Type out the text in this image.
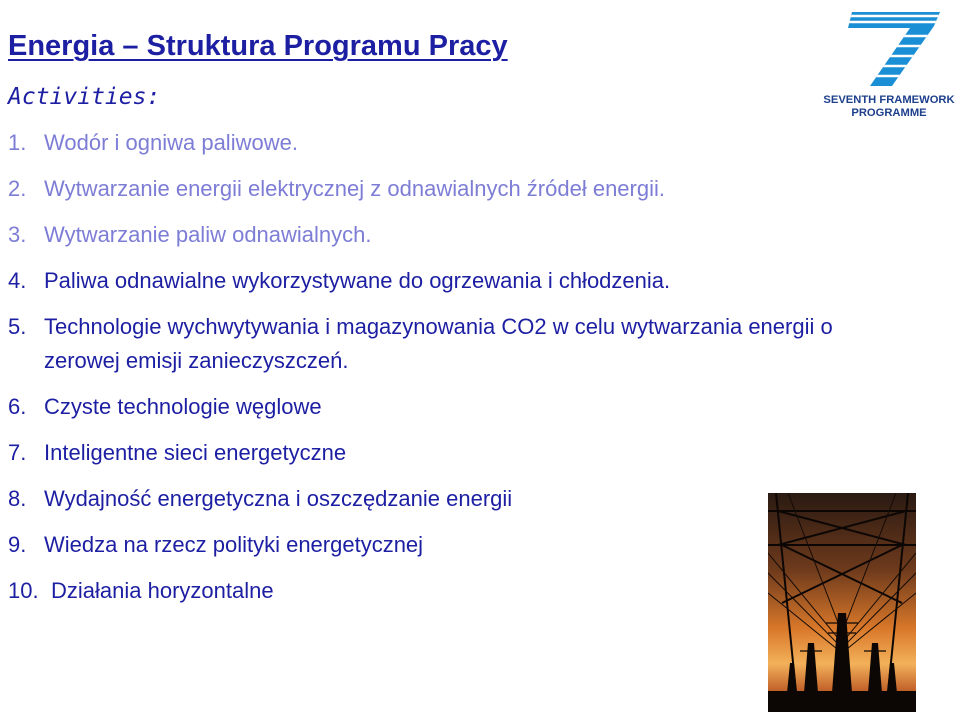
Energia – Struktura Programu Pracy
Activities:
1. Wodór i ogniwa paliwowe.
2. Wytwarzanie energii elektrycznej z odnawialnych źródeł energii.
3. Wytwarzanie paliw odnawialnych.
4. Paliwa odnawialne wykorzystywane do ogrzewania i chłodzenia.
5. Technologie wychwytywania i magazynowania CO2 w celu wytwarzania energii o zerowej emisji zanieczyszczeń.
6. Czyste technologie węglowe
7. Inteligentne sieci energetyczne
8. Wydajność energetyczna i oszczędzanie energii
9. Wiedza na rzecz polityki energetycznej
10. Działania horyzontalne
SEVENTH FRAMEWORK
PROGRAMME
